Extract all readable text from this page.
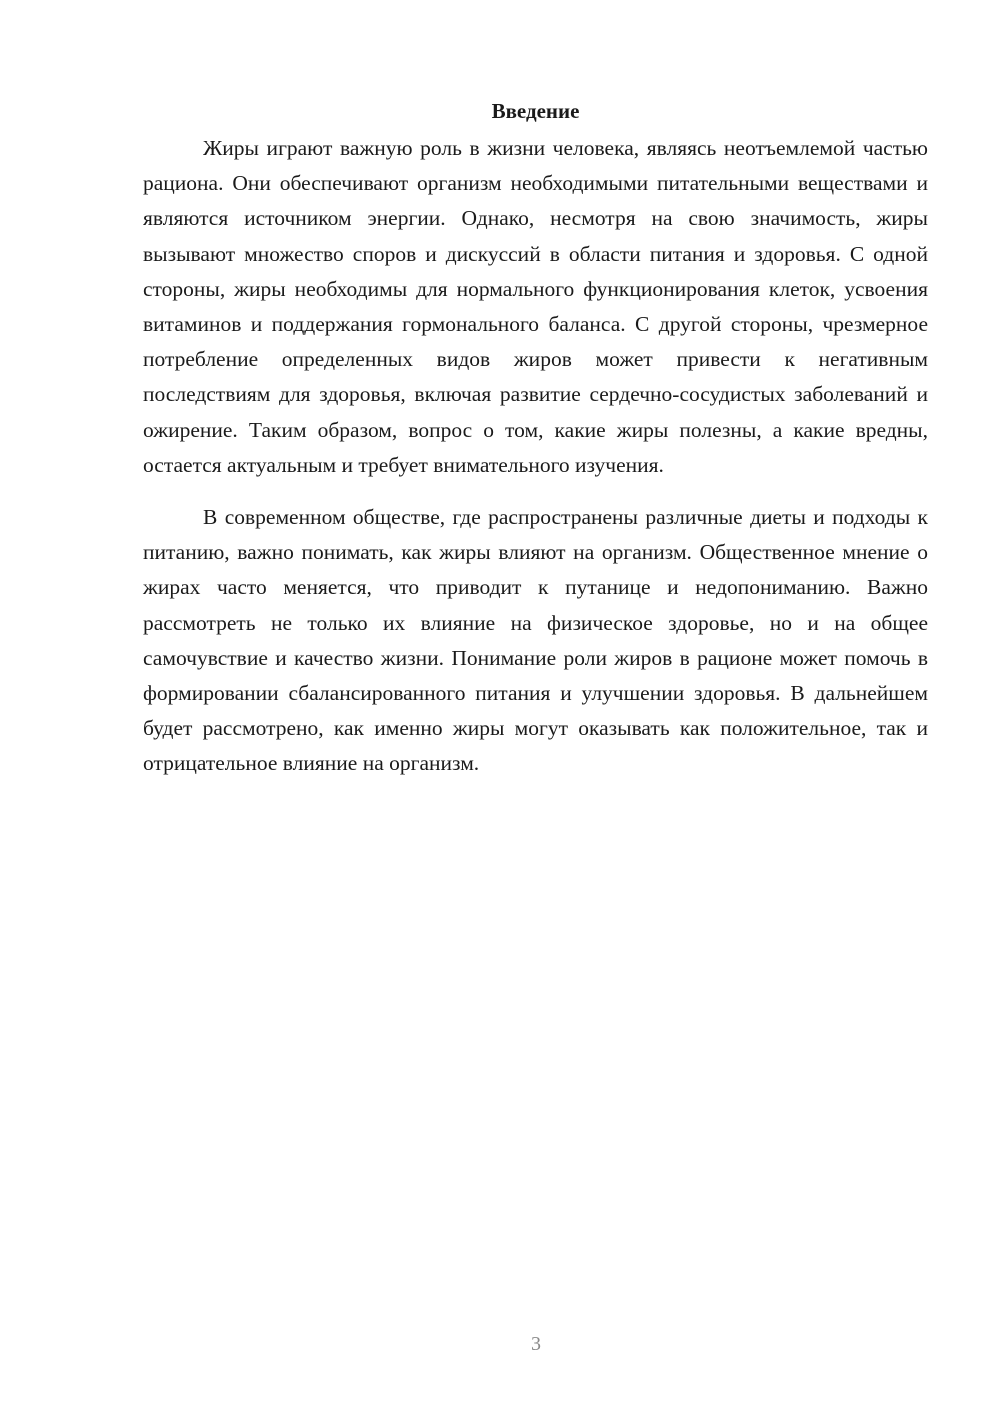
Введение

Жиры играют важную роль в жизни человека, являясь неотъемлемой частью рациона. Они обеспечивают организм необходимыми питательными веществами и являются источником энергии. Однако, несмотря на свою значимость, жиры вызывают множество споров и дискуссий в области питания и здоровья. С одной стороны, жиры необходимы для нормального функционирования клеток, усвоения витаминов и поддержания гормонального баланса. С другой стороны, чрезмерное потребление определенных видов жиров может привести к негативным последствиям для здоровья, включая развитие сердечно-сосудистых заболеваний и ожирение. Таким образом, вопрос о том, какие жиры полезны, а какие вредны, остается актуальным и требует внимательного изучения.

В современном обществе, где распространены различные диеты и подходы к питанию, важно понимать, как жиры влияют на организм. Общественное мнение о жирах часто меняется, что приводит к путанице и недопониманию. Важно рассмотреть не только их влияние на физическое здоровье, но и на общее самочувствие и качество жизни. Понимание роли жиров в рационе может помочь в формировании сбалансированного питания и улучшении здоровья. В дальнейшем будет рассмотрено, как именно жиры могут оказывать как положительное, так и отрицательное влияние на организм.

3
